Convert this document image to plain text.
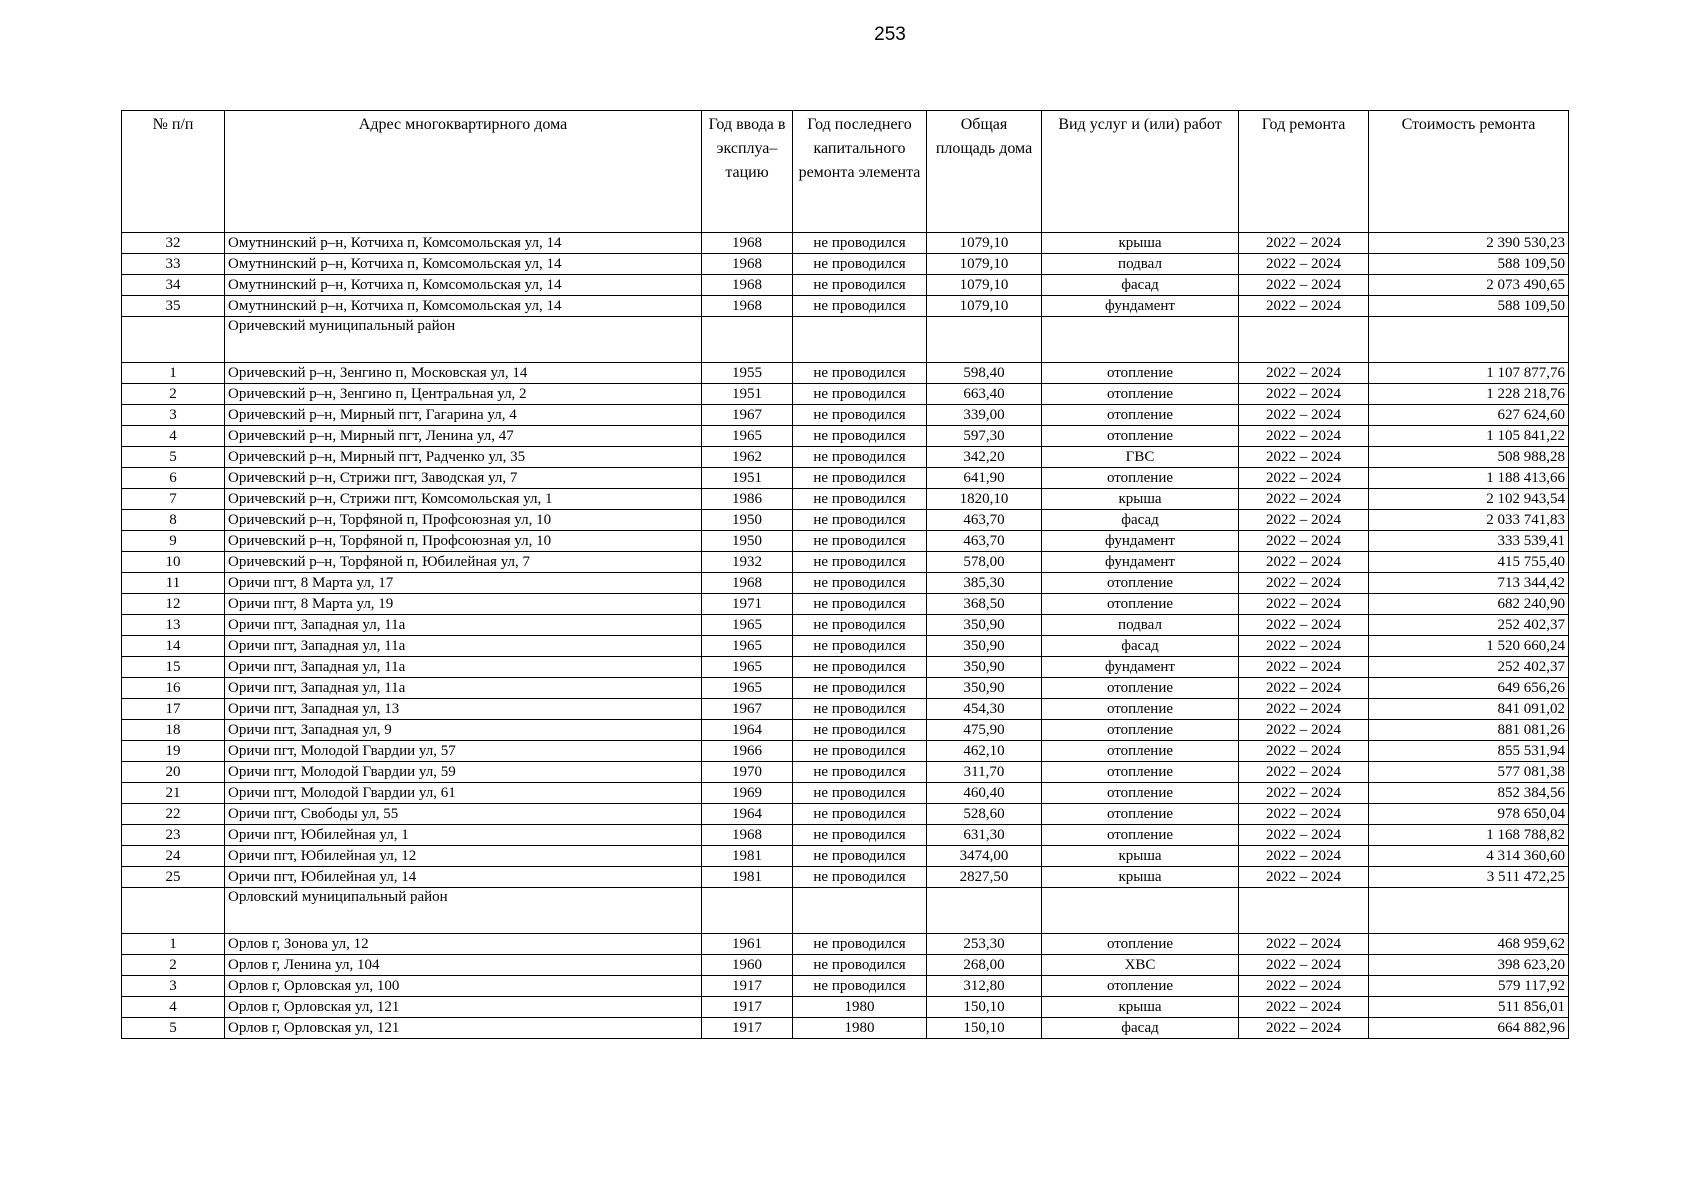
253
№ п/п	Адрес многоквартирного дома	Год ввода в эксплуа–тацию	Год последнего капитального ремонта элемента	Общая площадь дома	Вид услуг и (или) работ	Год ремонта	Стоимость ремонта
32	Омутнинский р–н, Котчиха п, Комсомольская ул, 14	1968	не проводился	1079,10	крыша	2022 – 2024	2 390 530,23
33	Омутнинский р–н, Котчиха п, Комсомольская ул, 14	1968	не проводился	1079,10	подвал	2022 – 2024	588 109,50
34	Омутнинский р–н, Котчиха п, Комсомольская ул, 14	1968	не проводился	1079,10	фасад	2022 – 2024	2 073 490,65
35	Омутнинский р–н, Котчиха п, Комсомольская ул, 14	1968	не проводился	1079,10	фундамент	2022 – 2024	588 109,50
	Оричевский муниципальный район						
1	Оричевский р–н, Зенгино п, Московская ул, 14	1955	не проводился	598,40	отопление	2022 – 2024	1 107 877,76
2	Оричевский р–н, Зенгино п, Центральная ул, 2	1951	не проводился	663,40	отопление	2022 – 2024	1 228 218,76
3	Оричевский р–н, Мирный пгт, Гагарина ул, 4	1967	не проводился	339,00	отопление	2022 – 2024	627 624,60
4	Оричевский р–н, Мирный пгт, Ленина ул, 47	1965	не проводился	597,30	отопление	2022 – 2024	1 105 841,22
5	Оричевский р–н, Мирный пгт, Радченко ул, 35	1962	не проводился	342,20	ГВС	2022 – 2024	508 988,28
6	Оричевский р–н, Стрижи пгт, Заводская ул, 7	1951	не проводился	641,90	отопление	2022 – 2024	1 188 413,66
7	Оричевский р–н, Стрижи пгт, Комсомольская ул, 1	1986	не проводился	1820,10	крыша	2022 – 2024	2 102 943,54
8	Оричевский р–н, Торфяной п, Профсоюзная ул, 10	1950	не проводился	463,70	фасад	2022 – 2024	2 033 741,83
9	Оричевский р–н, Торфяной п, Профсоюзная ул, 10	1950	не проводился	463,70	фундамент	2022 – 2024	333 539,41
10	Оричевский р–н, Торфяной п, Юбилейная ул, 7	1932	не проводился	578,00	фундамент	2022 – 2024	415 755,40
11	Оричи пгт, 8 Марта ул, 17	1968	не проводился	385,30	отопление	2022 – 2024	713 344,42
12	Оричи пгт, 8 Марта ул, 19	1971	не проводился	368,50	отопление	2022 – 2024	682 240,90
13	Оричи пгт, Западная ул, 11а	1965	не проводился	350,90	подвал	2022 – 2024	252 402,37
14	Оричи пгт, Западная ул, 11а	1965	не проводился	350,90	фасад	2022 – 2024	1 520 660,24
15	Оричи пгт, Западная ул, 11а	1965	не проводился	350,90	фундамент	2022 – 2024	252 402,37
16	Оричи пгт, Западная ул, 11а	1965	не проводился	350,90	отопление	2022 – 2024	649 656,26
17	Оричи пгт, Западная ул, 13	1967	не проводился	454,30	отопление	2022 – 2024	841 091,02
18	Оричи пгт, Западная ул, 9	1964	не проводился	475,90	отопление	2022 – 2024	881 081,26
19	Оричи пгт, Молодой Гвардии ул, 57	1966	не проводился	462,10	отопление	2022 – 2024	855 531,94
20	Оричи пгт, Молодой Гвардии ул, 59	1970	не проводился	311,70	отопление	2022 – 2024	577 081,38
21	Оричи пгт, Молодой Гвардии ул, 61	1969	не проводился	460,40	отопление	2022 – 2024	852 384,56
22	Оричи пгт, Свободы ул, 55	1964	не проводился	528,60	отопление	2022 – 2024	978 650,04
23	Оричи пгт, Юбилейная ул, 1	1968	не проводился	631,30	отопление	2022 – 2024	1 168 788,82
24	Оричи пгт, Юбилейная ул, 12	1981	не проводился	3474,00	крыша	2022 – 2024	4 314 360,60
25	Оричи пгт, Юбилейная ул, 14	1981	не проводился	2827,50	крыша	2022 – 2024	3 511 472,25
	Орловский муниципальный район						
1	Орлов г, Зонова ул, 12	1961	не проводился	253,30	отопление	2022 – 2024	468 959,62
2	Орлов г, Ленина ул, 104	1960	не проводился	268,00	ХВС	2022 – 2024	398 623,20
3	Орлов г, Орловская ул, 100	1917	не проводился	312,80	отопление	2022 – 2024	579 117,92
4	Орлов г, Орловская ул, 121	1917	1980	150,10	крыша	2022 – 2024	511 856,01
5	Орлов г, Орловская ул, 121	1917	1980	150,10	фасад	2022 – 2024	664 882,96
